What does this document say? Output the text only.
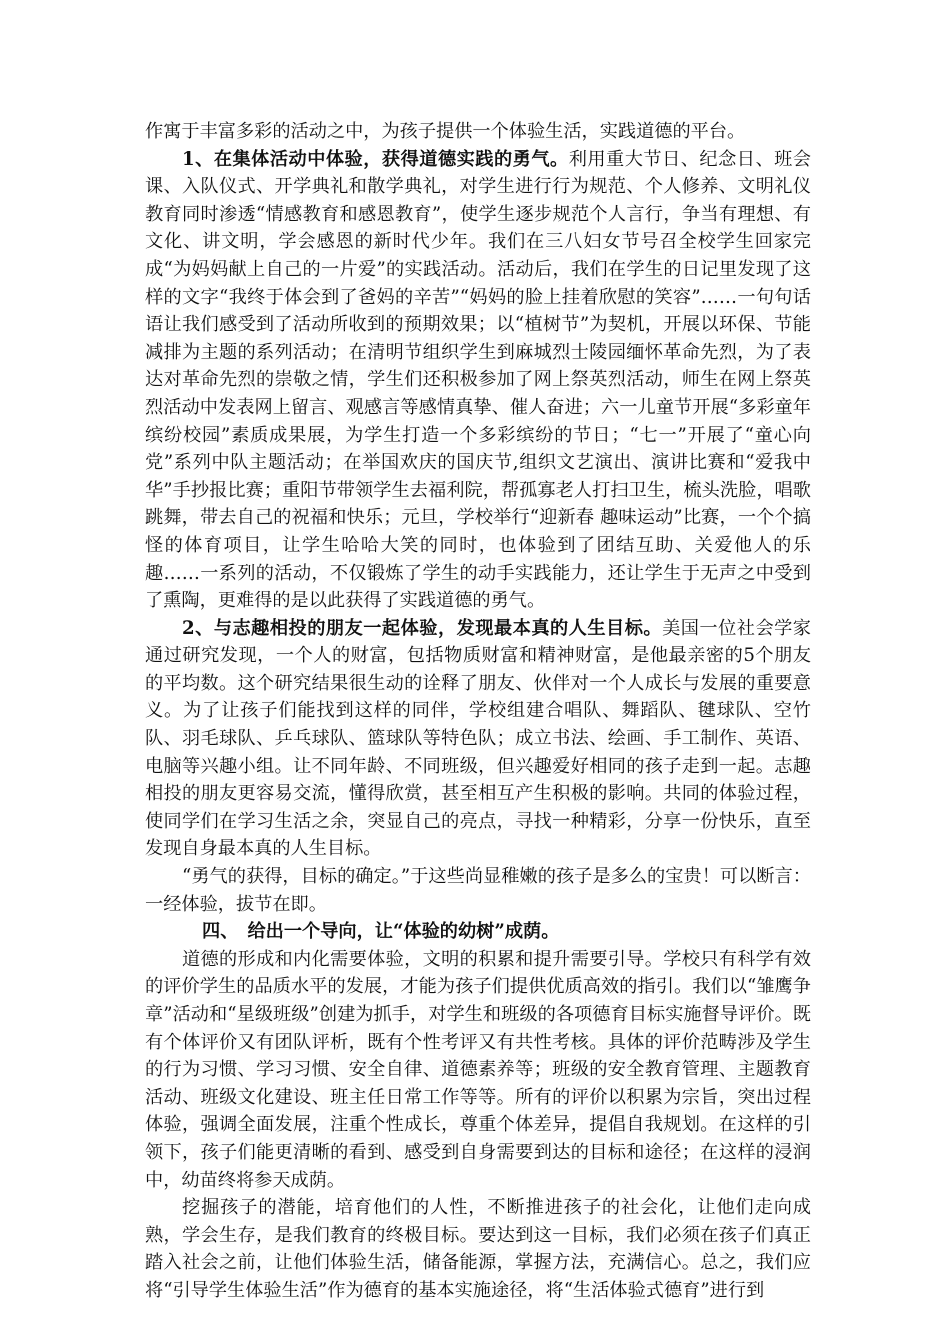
作寓于丰富多彩的活动之中，为孩子提供一个体验生活，实践道德的平台。

1、在集体活动中体验，获得道德实践的勇气。利用重大节日、纪念日、班会课、入队仪式、开学典礼和散学典礼，对学生进行行为规范、个人修养、文明礼仪教育同时渗透“情感教育和感恩教育”，使学生逐步规范个人言行，争当有理想、有文化、讲文明，学会感恩的新时代少年。我们在三八妇女节号召全校学生回家完成“为妈妈献上自己的一片爱”的实践活动。活动后，我们在学生的日记里发现了这样的文字“我终于体会到了爸妈的辛苦”“妈妈的脸上挂着欣慰的笑容”……一句句话语让我们感受到了活动所收到的预期效果；以“植树节”为契机，开展以环保、节能减排为主题的系列活动；在清明节组织学生到麻城烈士陵园缅怀革命先烈，为了表达对革命先烈的崇敬之情，学生们还积极参加了网上祭英烈活动，师生在网上祭英烈活动中发表网上留言、观感言等感情真挚、催人奋进；六一儿童节开展“多彩童年 缤纷校园”素质成果展，为学生打造一个多彩缤纷的节日；“七一”开展了“童心向党”系列中队主题活动；在举国欢庆的国庆节,组织文艺演出、演讲比赛和“爱我中华”手抄报比赛；重阳节带领学生去福利院，帮孤寡老人打扫卫生，梳头洗脸，唱歌跳舞，带去自己的祝福和快乐；元旦，学校举行“迎新春 趣味运动”比赛，一个个搞怪的体育项目，让学生哈哈大笑的同时，也体验到了团结互助、关爱他人的乐趣……一系列的活动，不仅锻炼了学生的动手实践能力，还让学生于无声之中受到了熏陶，更难得的是以此获得了实践道德的勇气。

2、与志趣相投的朋友一起体验，发现最本真的人生目标。美国一位社会学家通过研究发现，一个人的财富，包括物质财富和精神财富，是他最亲密的5个朋友的平均数。这个研究结果很生动的诠释了朋友、伙伴对一个人成长与发展的重要意义。为了让孩子们能找到这样的同伴，学校组建合唱队、舞蹈队、毽球队、空竹队、羽毛球队、乒乓球队、篮球队等特色队；成立书法、绘画、手工制作、英语、电脑等兴趣小组。让不同年龄、不同班级，但兴趣爱好相同的孩子走到一起。志趣相投的朋友更容易交流，懂得欣赏，甚至相互产生积极的影响。共同的体验过程，使同学们在学习生活之余，突显自己的亮点，寻找一种精彩，分享一份快乐，直至发现自身最本真的人生目标。

“勇气的获得，目标的确定。”于这些尚显稚嫩的孩子是多么的宝贵！可以断言：一经体验，拔节在即。

四、　给出一个导向，让“体验的幼树”成荫。

道德的形成和内化需要体验，文明的积累和提升需要引导。学校只有科学有效的评价学生的品质水平的发展，才能为孩子们提供优质高效的指引。我们以“雏鹰争章”活动和“星级班级”创建为抓手，对学生和班级的各项德育目标实施督导评价。既有个体评价又有团队评析，既有个性考评又有共性考核。具体的评价范畴涉及学生的行为习惯、学习习惯、安全自律、道德素养等；班级的安全教育管理、主题教育活动、班级文化建设、班主任日常工作等等。所有的评价以积累为宗旨，突出过程体验，强调全面发展，注重个性成长，尊重个体差异，提倡自我规划。在这样的引领下，孩子们能更清晰的看到、感受到自身需要到达的目标和途径；在这样的浸润中，幼苗终将参天成荫。

挖掘孩子的潜能，培育他们的人性，不断推进孩子的社会化，让他们走向成熟，学会生存，是我们教育的终极目标。要达到这一目标，我们必须在孩子们真正踏入社会之前，让他们体验生活，储备能源，掌握方法，充满信心。总之，我们应将“引导学生体验生活”作为德育的基本实施途径，将“生活体验式德育”进行到
